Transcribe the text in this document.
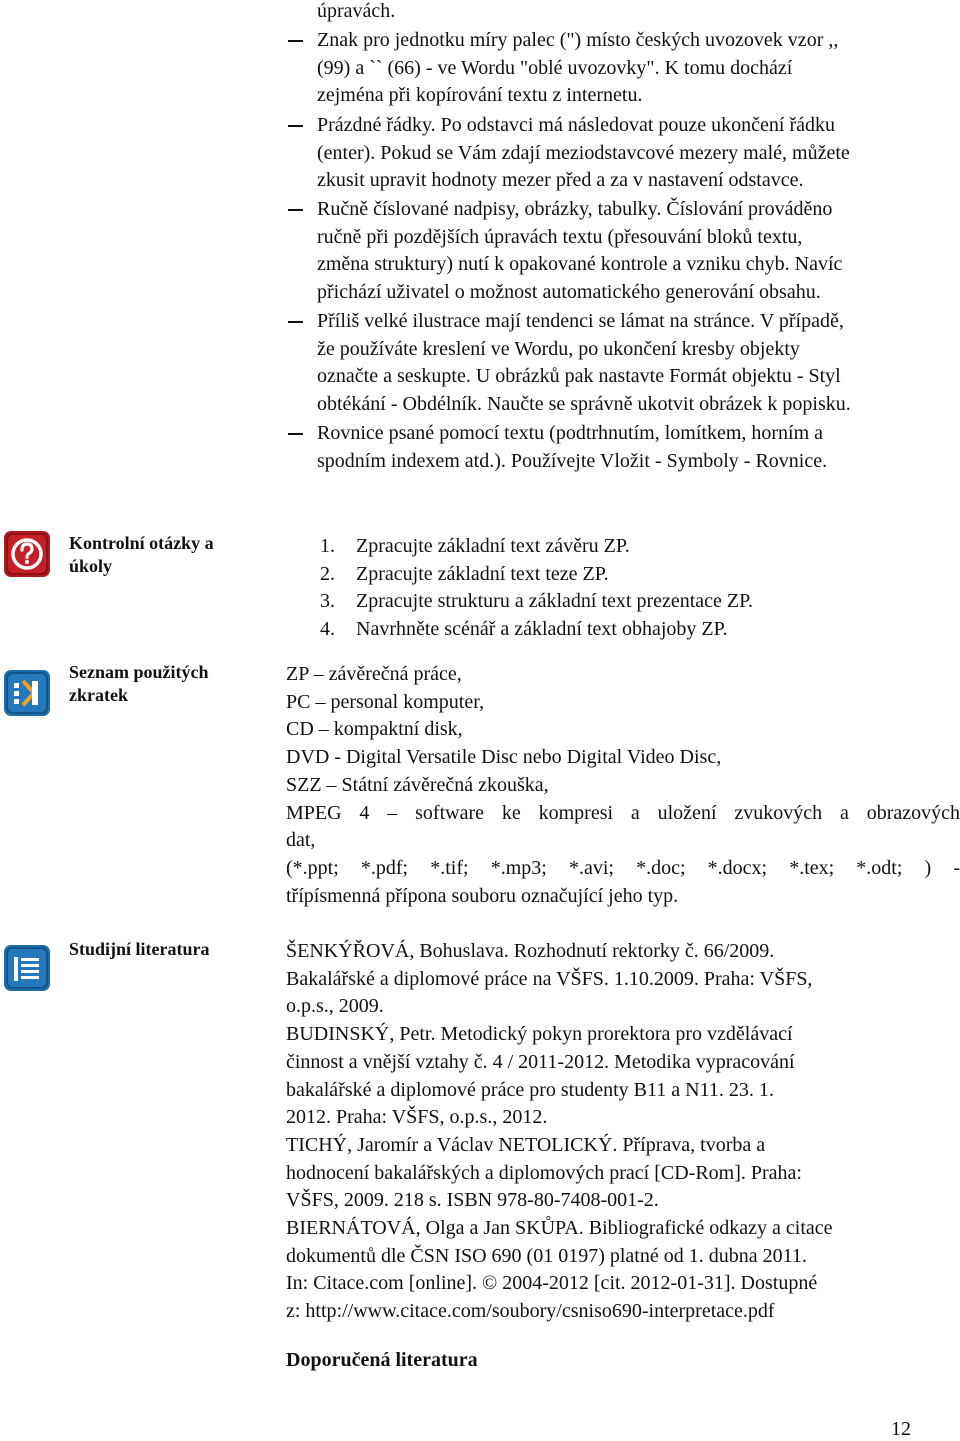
úpravách.
Znak pro jednotku míry palec (") místo českých uvozovek vzor ,,
(99) a `` (66) - ve Wordu "oblé uvozovky". K tomu dochází
zejména při kopírování textu z internetu.
Prázdné řádky. Po odstavci má následovat pouze ukončení řádku
(enter). Pokud se Vám zdají meziodstavcové mezery malé, můžete
zkusit upravit hodnoty mezer před a za v nastavení odstavce.
Ručně číslované nadpisy, obrázky, tabulky. Číslování prováděno
ručně při pozdějších úpravách textu (přesouvání bloků textu,
změna struktury) nutí k opakované kontrole a vzniku chyb. Navíc
přichází uživatel o možnost automatického generování obsahu.
Příliš velké ilustrace mají tendenci se lámat na stránce. V případě,
že používáte kreslení ve Wordu, po ukončení kresby objekty
označte a seskupte. U obrázků pak nastavte Formát objektu - Styl
obtékání - Obdélník. Naučte se správně ukotvit obrázek k popisku.
Rovnice psané pomocí textu (podtrhnutím, lomítkem, horním a
spodním indexem atd.). Používejte Vložit - Symboly - Rovnice.
Kontrolní otázky a
úkoly
1. Zpracujte základní text závěru ZP.
2. Zpracujte základní text teze ZP.
3. Zpracujte strukturu a základní text prezentace ZP.
4. Navrhněte scénář a základní text obhajoby ZP.
Seznam použitých
zkratek
ZP – závěrečná práce,
PC – personal komputer,
CD – kompaktní disk,
DVD - Digital Versatile Disc nebo Digital Video Disc,
SZZ – Státní závěrečná zkouška,
MPEG 4 – software ke kompresi a uložení zvukových a obrazových
dat,
(*.ppt; *.pdf; *.tif; *.mp3; *.avi; *.doc; *.docx; *.tex; *.odt; ) -
třípísmenná přípona souboru označující jeho typ.
Studijní literatura	ŠENKÝŘOVÁ, Bohuslava. Rozhodnutí rektorky č. 66/2009.
Bakalářské a diplomové práce na VŠFS. 1.10.2009. Praha: VŠFS,
o.p.s., 2009.
BUDINSKÝ, Petr. Metodický pokyn prorektora pro vzdělávací
činnost a vnější vztahy č. 4 / 2011-2012. Metodika vypracování
bakalářské a diplomové práce pro studenty B11 a N11. 23. 1.
2012. Praha: VŠFS, o.p.s., 2012.
TICHÝ, Jaromír a Václav NETOLICKÝ. Příprava, tvorba a
hodnocení bakalářských a diplomových prací [CD-Rom]. Praha:
VŠFS, 2009. 218 s. ISBN 978-80-7408-001-2.
BIERNÁTOVÁ, Olga a Jan SKŮPA. Bibliografické odkazy a citace
dokumentů dle ČSN ISO 690 (01 0197) platné od 1. dubna 2011.
In: Citace.com [online]. © 2004-2012 [cit. 2012-01-31]. Dostupné
z: http://www.citace.com/soubory/csniso690-interpretace.pdf
Doporučená literatura
12
